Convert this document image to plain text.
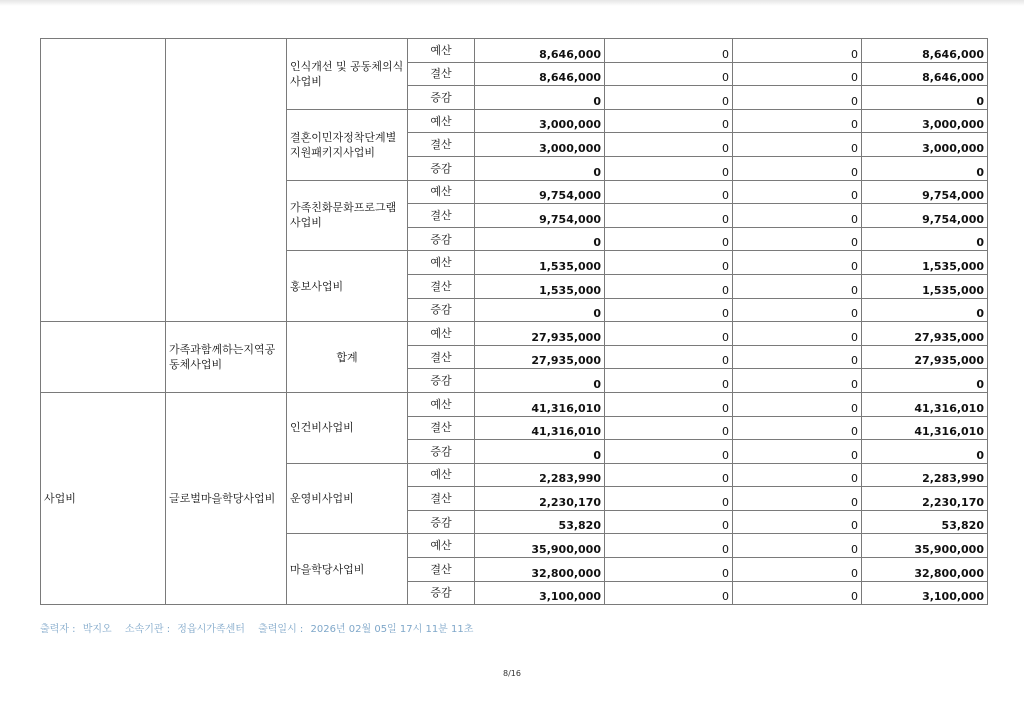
		인식개선 및 공동체의식사업비	예산	8,646,000	0	0	8,646,000
			결산	8,646,000	0	0	8,646,000
			증감	0	0	0	0
		결혼이민자정착단계별 지원패키지사업비	예산	3,000,000	0	0	3,000,000
			결산	3,000,000	0	0	3,000,000
			증감	0	0	0	0
		가족친화문화프로그램 사업비	예산	9,754,000	0	0	9,754,000
			결산	9,754,000	0	0	9,754,000
			증감	0	0	0	0
		홍보사업비	예산	1,535,000	0	0	1,535,000
			결산	1,535,000	0	0	1,535,000
			증감	0	0	0	0
	가족과함께하는지역공동체사업비	합계	예산	27,935,000	0	0	27,935,000
			결산	27,935,000	0	0	27,935,000
			증감	0	0	0	0
사업비	글로벌마을학당사업비	인건비사업비	예산	41,316,010	0	0	41,316,010
			결산	41,316,010	0	0	41,316,010
			증감	0	0	0	0
		운영비사업비	예산	2,283,990	0	0	2,283,990
			결산	2,230,170	0	0	2,230,170
			증감	53,820	0	0	53,820
		마을학당사업비	예산	35,900,000	0	0	35,900,000
			결산	32,800,000	0	0	32,800,000
			증감	3,100,000	0	0	3,100,000
출력자 : 박지오 소속기관 : 정읍시가족센터 출력일시 : 2026년 02월 05일 17시 11분 11초
8/16
